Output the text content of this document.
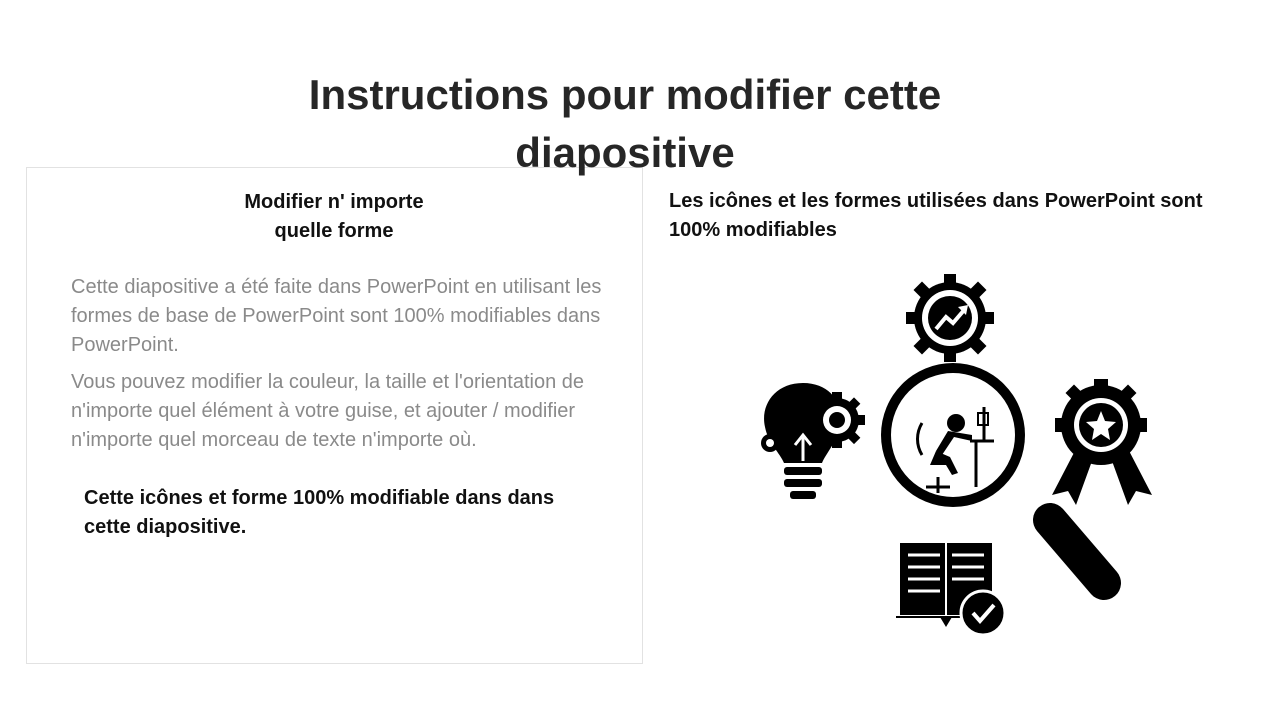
Instructions pour modifier cette diapositive
Modifier n' importe quelle forme

Cette diapositive a été faite dans PowerPoint en utilisant les formes de base de PowerPoint sont 100% modifiables dans PowerPoint.

Vous pouvez modifier la couleur, la taille et l'orientation de n'importe quel élément à votre guise, et ajouter / modifier n'importe quel morceau de texte n'importe où.

Cette icônes et forme 100% modifiable dans dans cette diapositive.
Les icônes et les formes utilisées dans PowerPoint sont 100% modifiables
